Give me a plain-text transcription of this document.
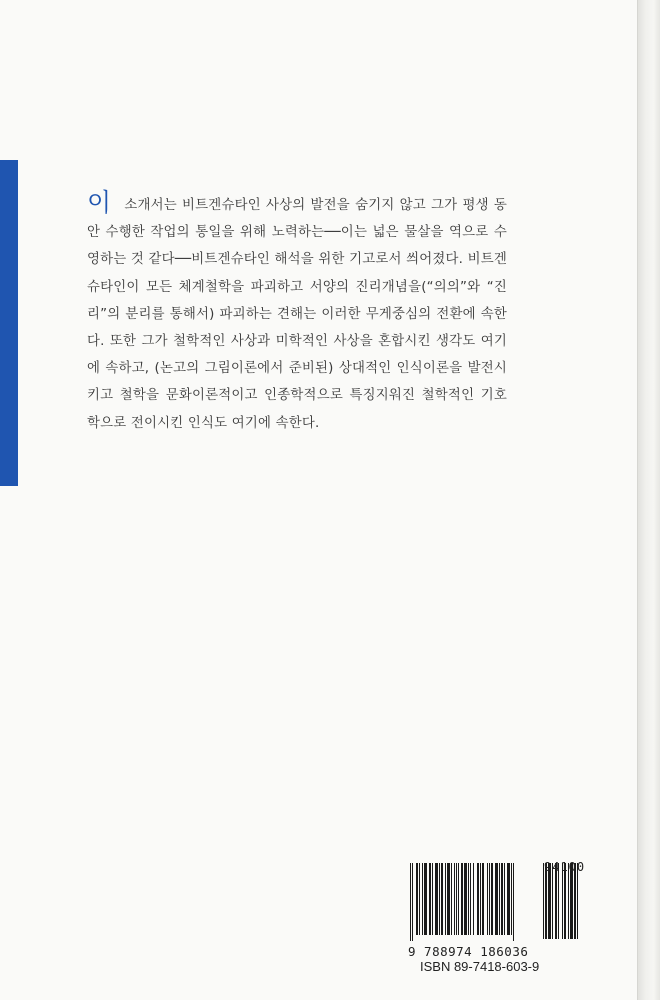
이소개서는 비트겐슈타인 사상의 발전을 숨기지 않고 그가 평생 동안 수행한 작업의 통일을 위해 노력하는──이는 넓은 물살을 역으로 수영하는 것 같다──비트겐슈타인 해석을 위한 기고로서 씌어졌다. 비트겐슈타인이 모든 체계철학을 파괴하고 서양의 진리개념을(“의의”와 “진리”의 분리를 통해서) 파괴하는 견해는 이러한 무게중심의 전환에 속한다. 또한 그가 철학적인 사상과 미학적인 사상을 혼합시킨 생각도 여기에 속하고, (논고의 그림이론에서 준비된) 상대적인 인식이론을 발전시키고 철학을 문화이론적이고 인종학적으로 특징지워진 철학적인 기호학으로 전이시킨 인식도 여기에 속한다.
94100
9 788974 186036
ISBN 89-7418-603-9
